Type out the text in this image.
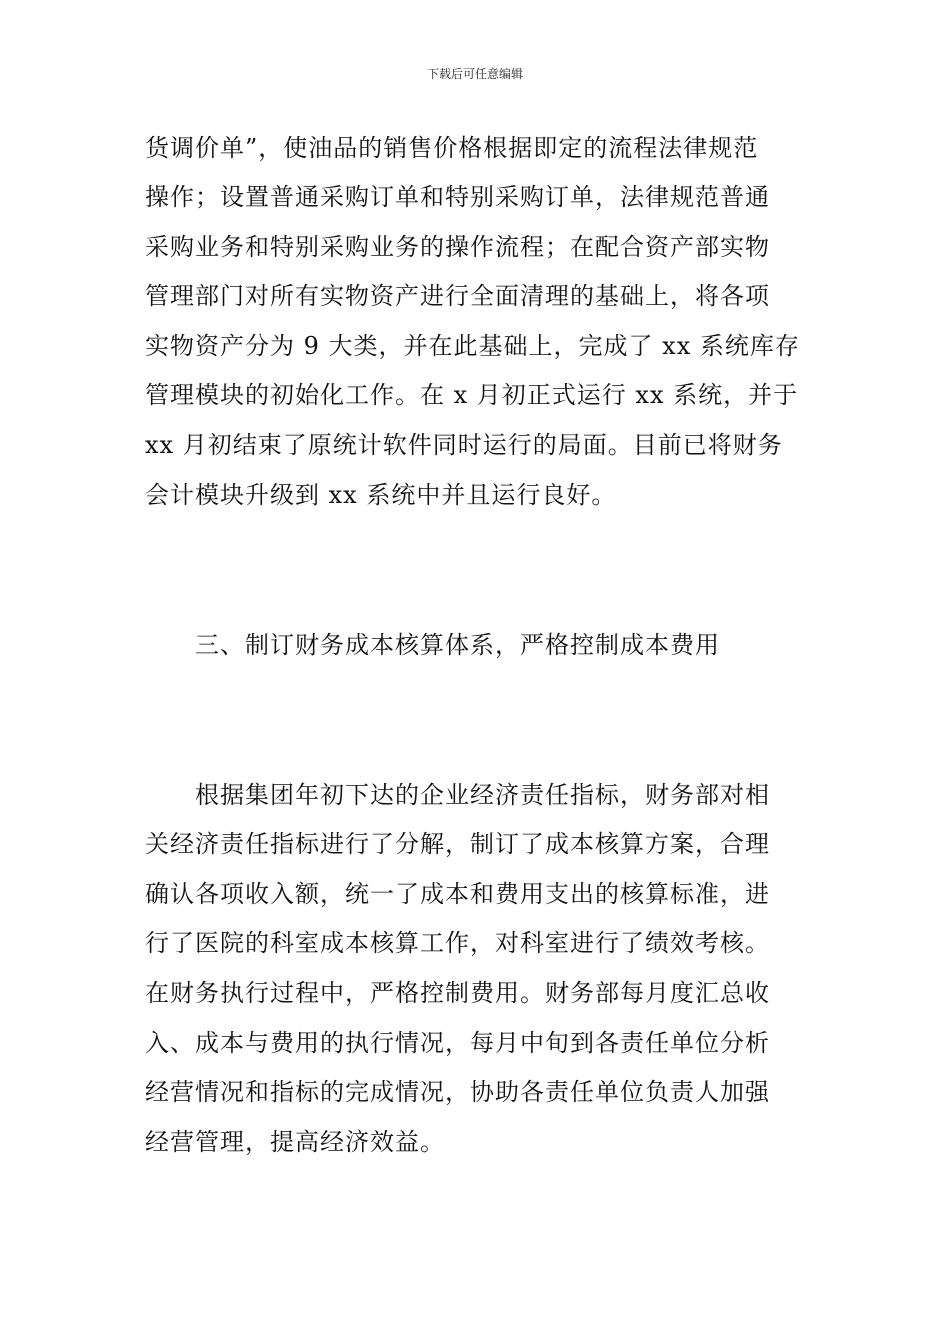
下载后可任意编辑
货调价单”，使油品的销售价格根据即定的流程法律规范
操作；设置普通采购订单和特别采购订单，法律规范普通
采购业务和特别采购业务的操作流程；在配合资产部实物
管理部门对所有实物资产进行全面清理的基础上，将各项
实物资产分为 9 大类，并在此基础上，完成了 xx 系统库存
管理模块的初始化工作。在 x 月初正式运行 xx 系统，并于
xx 月初结束了原统计软件同时运行的局面。目前已将财务
会计模块升级到 xx 系统中并且运行良好。
三、制订财务成本核算体系，严格控制成本费用
根据集团年初下达的企业经济责任指标，财务部对相
关经济责任指标进行了分解，制订了成本核算方案，合理
确认各项收入额，统一了成本和费用支出的核算标准，进
行了医院的科室成本核算工作，对科室进行了绩效考核。
在财务执行过程中，严格控制费用。财务部每月度汇总收
入、成本与费用的执行情况，每月中旬到各责任单位分析
经营情况和指标的完成情况，协助各责任单位负责人加强
经营管理，提高经济效益。
